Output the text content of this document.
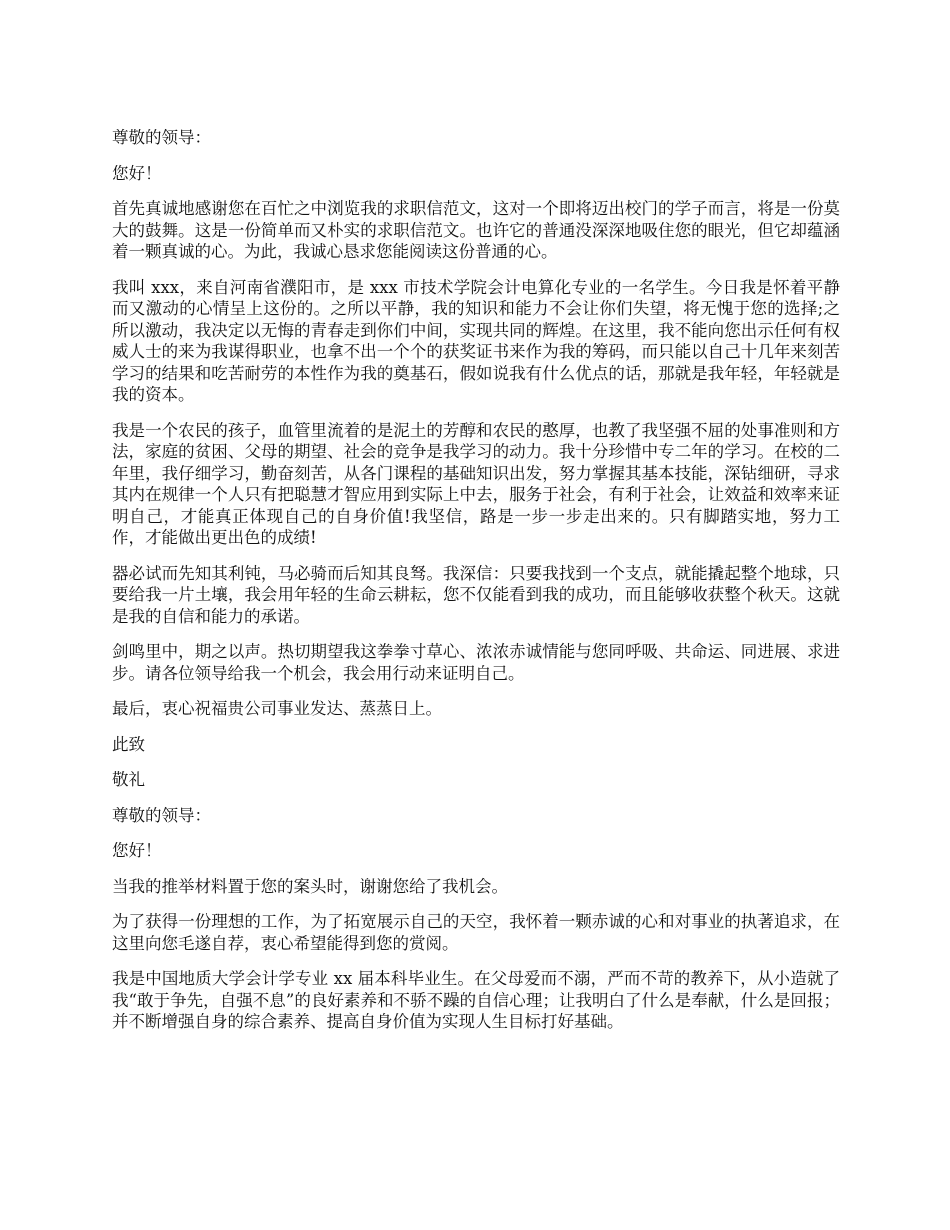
尊敬的领导：

您好！

首先真诚地感谢您在百忙之中浏览我的求职信范文，这对一个即将迈出校门的学子而言，将是一份莫大的鼓舞。这是一份简单而又朴实的求职信范文。也许它的普通没深深地吸住您的眼光，但它却蕴涵着一颗真诚的心。为此，我诚心恳求您能阅读这份普通的心。

我叫 xxx，来自河南省濮阳市，是 xxx 市技术学院会计电算化专业的一名学生。今日我是怀着平静而又激动的心情呈上这份的。之所以平静，我的知识和能力不会让你们失望，将无愧于您的选择;之所以激动，我决定以无悔的青春走到你们中间，实现共同的辉煌。在这里，我不能向您出示任何有权威人士的来为我谋得职业，也拿不出一个个的获奖证书来作为我的筹码，而只能以自己十几年来刻苦学习的结果和吃苦耐劳的本性作为我的奠基石，假如说我有什么优点的话，那就是我年轻，年轻就是我的资本。

我是一个农民的孩子，血管里流着的是泥土的芳醇和农民的憨厚，也教了我坚强不屈的处事准则和方法，家庭的贫困、父母的期望、社会的竞争是我学习的动力。我十分珍惜中专二年的学习。在校的二年里，我仔细学习，勤奋刻苦，从各门课程的基础知识出发，努力掌握其基本技能，深钻细研，寻求其内在规律一个人只有把聪慧才智应用到实际上中去，服务于社会，有利于社会，让效益和效率来证明自己，才能真正体现自己的自身价值!我坚信，路是一步一步走出来的。只有脚踏实地，努力工作，才能做出更出色的成绩!

器必试而先知其利钝，马必骑而后知其良驽。我深信：只要我找到一个支点，就能撬起整个地球，只要给我一片土壤，我会用年轻的生命云耕耘，您不仅能看到我的成功，而且能够收获整个秋天。这就是我的自信和能力的承诺。

剑鸣里中，期之以声。热切期望我这拳拳寸草心、浓浓赤诚情能与您同呼吸、共命运、同进展、求进步。请各位领导给我一个机会，我会用行动来证明自己。

最后，衷心祝福贵公司事业发达、蒸蒸日上。

此致

敬礼

尊敬的领导：

您好！

当我的推举材料置于您的案头时，谢谢您给了我机会。

为了获得一份理想的工作，为了拓宽展示自己的天空，我怀着一颗赤诚的心和对事业的执著追求，在这里向您毛遂自荐，衷心希望能得到您的赏阅。

我是中国地质大学会计学专业 xx 届本科毕业生。在父母爱而不溺，严而不苛的教养下，从小造就了我“敢于争先，自强不息”的良好素养和不骄不躁的自信心理；让我明白了什么是奉献，什么是回报；并不断增强自身的综合素养、提高自身价值为实现人生目标打好基础。
